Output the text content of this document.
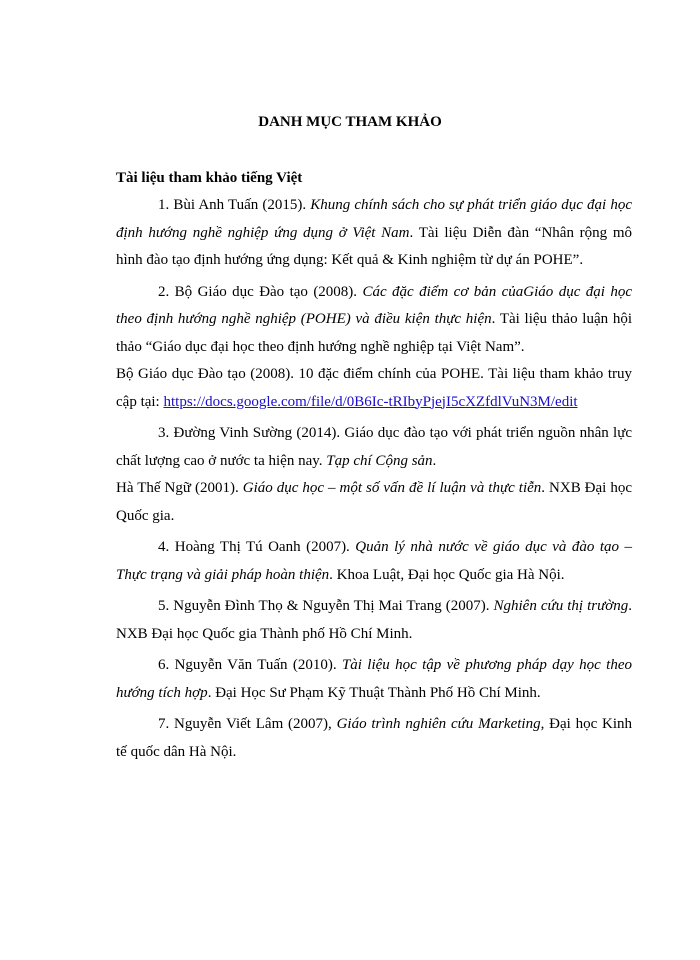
DANH MỤC THAM KHẢO
Tài liệu tham khảo tiếng Việt

1. Bùi Anh Tuấn (2015). Khung chính sách cho sự phát triển giáo dục đại học định hướng nghề nghiệp ứng dụng ở Việt Nam. Tài liệu Diễn đàn “Nhân rộng mô hình đào tạo định hướng ứng dụng: Kết quả & Kinh nghiệm từ dự án POHE”.

2. Bộ Giáo dục Đào tạo (2008). Các đặc điểm cơ bản củaGiáo dục đại học theo định hướng nghề nghiệp (POHE) và điều kiện thực hiện. Tài liệu thảo luận hội thảo “Giáo dục đại học theo định hướng nghề nghiệp tại Việt Nam”.

Bộ Giáo dục Đào tạo (2008). 10 đặc điểm chính của POHE. Tài liệu tham khảo truy cập tại: https://docs.google.com/file/d/0B6Ic-tRIbyPjejI5cXZfdlVuN3M/edit

3. Đường Vinh Sường (2014). Giáo dục đào tạo với phát triển nguồn nhân lực chất lượng cao ở nước ta hiện nay. Tạp chí Cộng sản.

Hà Thế Ngữ (2001). Giáo dục học – một số vấn đề lí luận và thực tiễn. NXB Đại học Quốc gia.

4. Hoàng Thị Tú Oanh (2007). Quản lý nhà nước về giáo dục và đào tạo – Thực trạng và giải pháp hoàn thiện. Khoa Luật, Đại học Quốc gia Hà Nội.

5. Nguyễn Đình Thọ & Nguyễn Thị Mai Trang (2007). Nghiên cứu thị trường. NXB Đại học Quốc gia Thành phố Hồ Chí Minh.

6. Nguyễn Văn Tuấn (2010). Tài liệu học tập về phương pháp dạy học theo hướng tích hợp. Đại Học Sư Phạm Kỹ Thuật Thành Phố Hồ Chí Minh.

7. Nguyễn Viết Lâm (2007), Giáo trình nghiên cứu Marketing, Đại học Kinh tế quốc dân Hà Nội.
